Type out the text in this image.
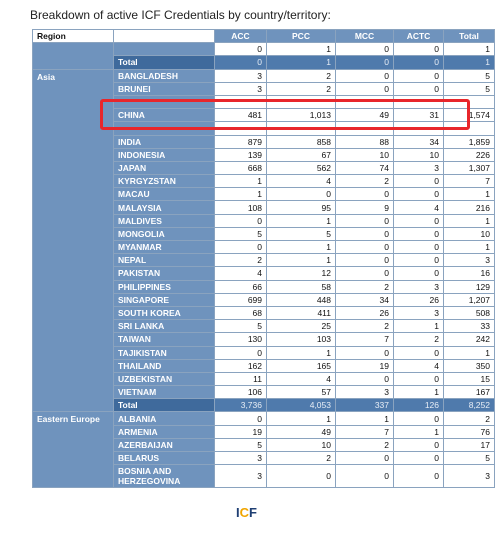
Breakdown of active ICF Credentials by country/territory:
Region		ACC	PCC	MCC	ACTC	Total
		0	1	0	0	1
	Total	0	1	0	0	1
Asia	BANGLADESH	3	2	0	0	5
	BRUNEI	3	2	0	0	5

	CHINA	481	1,013	49	31	1,574

	INDIA	879	858	88	34	1,859
	INDONESIA	139	67	10	10	226
	JAPAN	668	562	74	3	1,307
	KYRGYZSTAN	1	4	2	0	7
	MACAU	1	0	0	0	1
	MALAYSIA	108	95	9	4	216
	MALDIVES	0	1	0	0	1
	MONGOLIA	5	5	0	0	10
	MYANMAR	0	1	0	0	1
	NEPAL	2	1	0	0	3
	PAKISTAN	4	12	0	0	16
	PHILIPPINES	66	58	2	3	129
	SINGAPORE	699	448	34	26	1,207
	SOUTH KOREA	68	411	26	3	508
	SRI LANKA	5	25	2	1	33
	TAIWAN	130	103	7	2	242
	TAJIKISTAN	0	1	0	0	1
	THAILAND	162	165	19	4	350
	UZBEKISTAN	11	4	0	0	15
	VIETNAM	106	57	3	1	167
	Total	3,736	4,053	337	126	8,252
Eastern Europe	ALBANIA	0	1	1	0	2
	ARMENIA	19	49	7	1	76
	AZERBAIJAN	5	10	2	0	17
	BELARUS	3	2	0	0	5
	BOSNIA AND HERZEGOVINA	3	0	0	0	3
ICF
